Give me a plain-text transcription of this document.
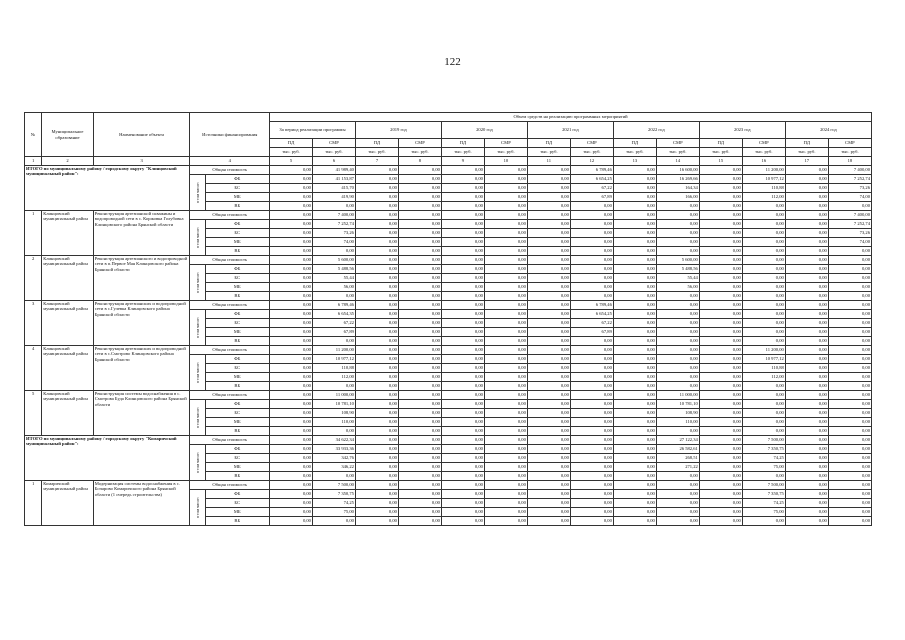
122
№	Муниципальное образование	Наименование объекта	Источники финансирования		Объем средств на реализацию программных мероприятий													
					За период реализации программы		2019 год		2020 год		2021 год		2022 год		2023 год		2024 год	
					ПД	СМР	ПД	СМР	ПД	СМР	ПД	СМР	ПД	СМР	ПД	СМР	ПД	СМР
					тыс. руб.	тыс. руб.	тыс. руб.	тыс. руб.	тыс. руб.	тыс. руб.	тыс. руб.	тыс. руб.	тыс. руб.	тыс. руб.	тыс. руб.	тыс. руб.	тыс. руб.	тыс. руб.
1	2	3	4		5	6	7	8	9	10	11	12	13	14	15	16	17	18
ИТОГО по муниципальному району / городскому округу "Клинцовский муниципальный район":			Общая стоимость		0,00	41 989,40	0,00	0,00	0,00	0,00	0,00	6 789,46	0,00	16 600,00	0,00	11 200,00	0,00	7 400,00
			в том числе:	ФБ	0,00	41 153,87	0,00	0,00	0,00	0,00	0,00	6 654,25	0,00	16 269,66	0,00	10 977,12	0,00	7 252,74
				БС	0,00	415,70	0,00	0,00	0,00	0,00	0,00	67,22	0,00	164,34	0,00	110,88	0,00	73,26
				МБ	0,00	419,90	0,00	0,00	0,00	0,00	0,00	67,89	0,00	166,00	0,00	112,00	0,00	74,00
				ВБ	0,00	0,00	0,00	0,00	0,00	0,00	0,00	0,00	0,00	0,00	0,00	0,00	0,00	0,00
1	Клинцовский муниципальный район	Реконструкция артезианской скважины и водопроводной сети в с. Коржовка Голубовка Клинцовского района Брянской области	Общая стоимость		0,00	7 400,00	0,00	0,00	0,00	0,00	0,00	0,00	0,00	0,00	0,00	0,00	0,00	7 400,00
			в том числе:	ФБ	0,00	7 252,74	0,00	0,00	0,00	0,00	0,00	0,00	0,00	0,00	0,00	0,00	0,00	7 252,74
				БС	0,00	73,26	0,00	0,00	0,00	0,00	0,00	0,00	0,00	0,00	0,00	0,00	0,00	73,26
				МБ	0,00	74,00	0,00	0,00	0,00	0,00	0,00	0,00	0,00	0,00	0,00	0,00	0,00	74,00
				ВБ	0,00	0,00	0,00	0,00	0,00	0,00	0,00	0,00	0,00	0,00	0,00	0,00	0,00	0,00
2	Клинцовский муниципальный район	Реконструкция артезианского и водопроводной сети в п.Первое Мая Клинцовского района Брянской области	Общая стоимость		0,00	5 600,00	0,00	0,00	0,00	0,00	0,00	0,00	0,00	5 600,00	0,00	0,00	0,00	0,00
			в том числе:	ФБ	0,00	5 488,56	0,00	0,00	0,00	0,00	0,00	0,00	0,00	5 488,56	0,00	0,00	0,00	0,00
				БС	0,00	55,44	0,00	0,00	0,00	0,00	0,00	0,00	0,00	55,44	0,00	0,00	0,00	0,00
				МБ	0,00	56,00	0,00	0,00	0,00	0,00	0,00	0,00	0,00	56,00	0,00	0,00	0,00	0,00
				ВБ	0,00	0,00	0,00	0,00	0,00	0,00	0,00	0,00	0,00	0,00	0,00	0,00	0,00	0,00
3	Клинцовский муниципальный район	Реконструкция артезианских и водопроводной сети в с.Гулевка Клинцовского района Брянской области	Общая стоимость		0,00	6 789,46	0,00	0,00	0,00	0,00	0,00	6 789,46	0,00	0,00	0,00	0,00	0,00	0,00
			в том числе:	ФБ	0,00	6 654,35	0,00	0,00	0,00	0,00	0,00	6 654,25	0,00	0,00	0,00	0,00	0,00	0,00
				БС	0,00	67,22	0,00	0,00	0,00	0,00	0,00	67,22	0,00	0,00	0,00	0,00	0,00	0,00
				МБ	0,00	67,89	0,00	0,00	0,00	0,00	0,00	67,89	0,00	0,00	0,00	0,00	0,00	0,00
				ВБ	0,00	0,00	0,00	0,00	0,00	0,00	0,00	0,00	0,00	0,00	0,00	0,00	0,00	0,00
4	Клинцовский муниципальный район	Реконструкция артезианских и водопроводной сети в с.Смотрово Клинцовского района Брянской области	Общая стоимость		0,00	11 200,00	0,00	0,00	0,00	0,00	0,00	0,00	0,00	0,00	0,00	11 200,00	0,00	0,00
			в том числе:	ФБ	0,00	10 977,12	0,00	0,00	0,00	0,00	0,00	0,00	0,00	0,00	0,00	10 977,12	0,00	0,00
				БС	0,00	110,88	0,00	0,00	0,00	0,00	0,00	0,00	0,00	0,00	0,00	110,88	0,00	0,00
				МБ	0,00	112,00	0,00	0,00	0,00	0,00	0,00	0,00	0,00	0,00	0,00	112,00	0,00	0,00
				ВБ	0,00	0,00	0,00	0,00	0,00	0,00	0,00	0,00	0,00	0,00	0,00	0,00	0,00	0,00
5	Клинцовский муниципальный район	Реконструкция системы водоснабжения в с. Смотрова Буда Клинцовского района Брянской области	Общая стоимость		0,00	11 000,00	0,00	0,00	0,00	0,00	0,00	0,00	0,00	11 000,00	0,00	0,00	0,00	0,00
			в том числе:	ФБ	0,00	10 781,10	0,00	0,00	0,00	0,00	0,00	0,00	0,00	10 781,10	0,00	0,00	0,00	0,00
				БС	0,00	108,90	0,00	0,00	0,00	0,00	0,00	0,00	0,00	108,90	0,00	0,00	0,00	0,00
				МБ	0,00	110,00	0,00	0,00	0,00	0,00	0,00	0,00	0,00	110,00	0,00	0,00	0,00	0,00
				ВБ	0,00	0,00	0,00	0,00	0,00	0,00	0,00	0,00	0,00	0,00	0,00	0,00	0,00	0,00
ИТОГО по муниципальному району / городскому округу "Комаричский муниципальный район":			Общая стоимость		0,00	34 622,34	0,00	0,00	0,00	0,00	0,00	0,00	0,00	27 122,34	0,00	7 500,00	0,00	0,00
			в том числе:	ФБ	0,00	33 933,36	0,00	0,00	0,00	0,00	0,00	0,00	0,00	26 582,61	0,00	7 350,75	0,00	0,00
				БС	0,00	342,76	0,00	0,00	0,00	0,00	0,00	0,00	0,00	268,51	0,00	74,25	0,00	0,00
				МБ	0,00	346,22	0,00	0,00	0,00	0,00	0,00	0,00	0,00	271,22	0,00	75,00	0,00	0,00
				ВБ	0,00	0,00	0,00	0,00	0,00	0,00	0,00	0,00	0,00	0,00	0,00	0,00	0,00	0,00
1	Комаричский муниципальный район	Модернизация системы водоснабжения в с. Бочарово Комаричского района Брянской области (1 очередь строительства)	Общая стоимость		0,00	7 500,00	0,00	0,00	0,00	0,00	0,00	0,00	0,00	0,00	0,00	7 500,00	0,00	0,00
			в том числе:	ФБ	0,00	7 350,75	0,00	0,00	0,00	0,00	0,00	0,00	0,00	0,00	0,00	7 350,75	0,00	0,00
				БС	0,00	74,25	0,00	0,00	0,00	0,00	0,00	0,00	0,00	0,00	0,00	74,25	0,00	0,00
				МБ	0,00	75,00	0,00	0,00	0,00	0,00	0,00	0,00	0,00	0,00	0,00	75,00	0,00	0,00
				ВБ	0,00	0,00	0,00	0,00	0,00	0,00	0,00	0,00	0,00	0,00	0,00	0,00	0,00	0,00
